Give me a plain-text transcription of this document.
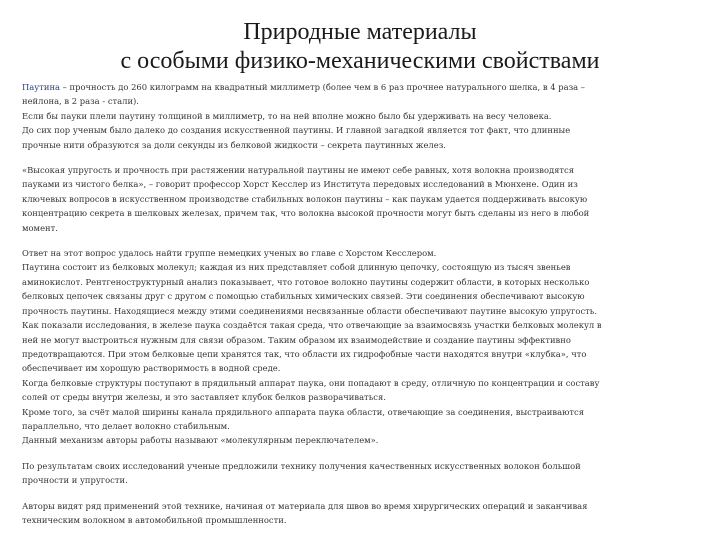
Природные материалы
с особыми физико-механическими свойствами
Паутина – прочность до 260 килограмм на квадратный миллиметр (более чем в 6 раз прочнее натурального шелка, в 4 раза –
нейлона, в 2 раза - стали).
Если бы пауки плели паутину толщиной в миллиметр, то на ней вполне можно было бы удерживать на весу человека.
До сих пор ученым было далеко до создания искусственной паутины. И главной загадкой является тот факт, что длинные
прочные нити образуются за доли секунды из белковой жидкости – секрета паутинных желез.
«Высокая упругость и прочность при растяжении натуральной паутины не имеют себе равных, хотя волокна производятся
пауками из чистого белка», – говорит профессор Хорст Кесслер из Института передовых исследований в Мюнхене. Один из
ключевых вопросов в искусственном производстве стабильных волокон паутины – как паукам удается поддерживать высокую
концентрацию секрета в шелковых железах, причем так, что волокна высокой прочности могут быть сделаны из него в любой
момент.
Ответ на этот вопрос удалось найти группе немецких ученых во главе с Хорстом Кесслером.
Паутина состоит из белковых молекул; каждая из них представляет собой длинную цепочку, состоящую из тысяч звеньев
аминокислот. Рентгеноструктурный анализ показывает, что готовое волокно паутины содержит области, в которых несколько
белковых цепочек связаны друг с другом с помощью стабильных химических связей. Эти соединения обеспечивают высокую
прочность паутины. Находящиеся между этими соединениями несвязанные области обеспечивают паутине высокую упругость.
Как показали исследования, в железе паука создаётся такая среда, что отвечающие за взаимосвязь участки белковых молекул в
ней не могут выстроиться нужным для связи образом. Таким образом их взаимодействие и создание паутины эффективно
предотвращаются. При этом белковые цепи хранятся так, что области их гидрофобные части находятся внутри «клубка», что
обеспечивает им хорошую растворимость в водной среде.
Когда белковые структуры поступают в прядильный аппарат паука, они попадают в среду, отличную по концентрации и составу
солей от среды внутри железы, и это заставляет клубок белков разворачиваться.
Кроме того, за счёт малой ширины канала прядильного аппарата паука области, отвечающие за соединения, выстраиваются
параллельно, что делает волокно стабильным.
Данный механизм авторы работы называют «молекулярным переключателем».
По результатам своих исследований ученые предложили технику получения качественных искусственных волокон большой
прочности и упругости.
Авторы видят ряд применений этой технике, начиная от материала для швов во время хирургических операций и заканчивая
техническим волокном в автомобильной промышленности.
